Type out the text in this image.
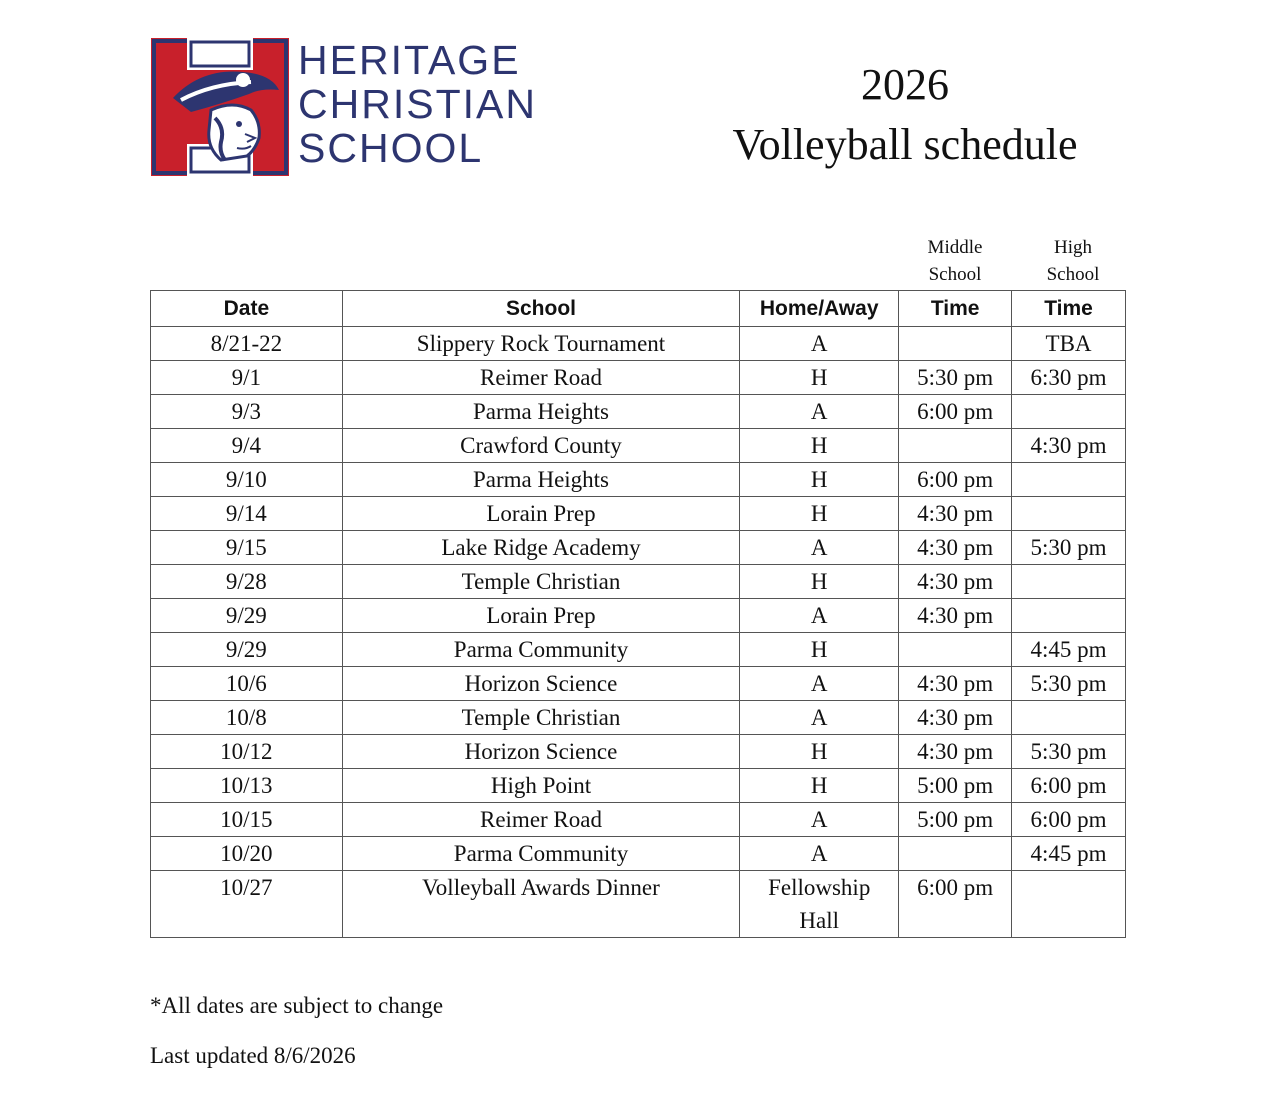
HERITAGE
CHRISTIAN
SCHOOL
2026
Volleyball schedule
Middle
School
High
School
Date	School	Home/Away	Time	Time
8/21-22	Slippery Rock Tournament	A		TBA
9/1	Reimer Road	H	5:30 pm	6:30 pm
9/3	Parma Heights	A	6:00 pm	
9/4	Crawford County	H		4:30 pm
9/10	Parma Heights	H	6:00 pm	
9/14	Lorain Prep	H	4:30 pm	
9/15	Lake Ridge Academy	A	4:30 pm	5:30 pm
9/28	Temple Christian	H	4:30 pm	
9/29	Lorain Prep	A	4:30 pm	
9/29	Parma Community	H		4:45 pm
10/6	Horizon Science	A	4:30 pm	5:30 pm
10/8	Temple Christian	A	4:30 pm	
10/12	Horizon Science	H	4:30 pm	5:30 pm
10/13	High Point	H	5:00 pm	6:00 pm
10/15	Reimer Road	A	5:00 pm	6:00 pm
10/20	Parma Community	A		4:45 pm
10/27	Volleyball Awards Dinner	Fellowship Hall	6:00 pm	
*All dates are subject to change
Last updated 8/6/2026
